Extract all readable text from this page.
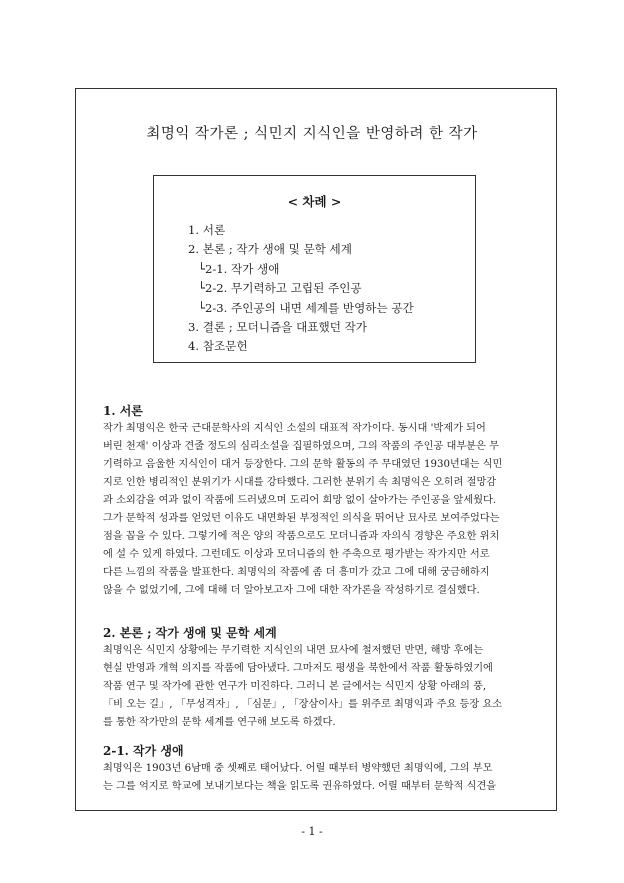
최명익 작가론 ; 식민지 지식인을 반영하려 한 작가

< 차례 >

1. 서론
2. 본론 ; 작가 생애 및 문학 세계
└2-1. 작가 생애
└2-2. 무기력하고 고립된 주인공
└2-3. 주인공의 내면 세계를 반영하는 공간
3. 결론 ; 모더니즘을 대표했던 작가
4. 참조문헌

1. 서론

작가 최명익은 한국 근대문학사의 지식인 소설의 대표적 작가이다. 동시대 '박제가 되어
버린 천재' 이상과 견줄 정도의 심리소설을 집필하였으며, 그의 작품의 주인공 대부분은 무
기력하고 음울한 지식인이 대거 등장한다. 그의 문학 활동의 주 무대였던 1930년대는 식민
지로 인한 병리적인 분위기가 시대를 강타했다. 그러한 분위기 속 최명익은 오히려 절망감
과 소외감을 여과 없이 작품에 드러냈으며 도리어 희망 없이 살아가는 주인공을 앞세웠다.
그가 문학적 성과를 얻었던 이유도 내면화된 부정적인 의식을 뛰어난 묘사로 보여주었다는
점을 꼽을 수 있다. 그렇기에 적은 양의 작품으로도 모더니즘과 자의식 경향은 주요한 위치
에 설 수 있게 하였다. 그런데도 이상과 모더니즘의 한 주축으로 평가받는 작가지만 서로
다른 느낌의 작품을 발표한다. 최명익의 작품에 좀 더 흥미가 갔고 그에 대해 궁금해하지
않을 수 없었기에, 그에 대해 더 알아보고자 그에 대한 작가론을 작성하기로 결심했다.

2. 본론 ; 작가 생애 및 문학 세계

최명익은 식민지 상황에는 무기력한 지식인의 내면 묘사에 철저했던 반면, 해방 후에는
현실 반영과 개혁 의지를 작품에 담아냈다. 그마저도 평생을 북한에서 작품 활동하였기에
작품 연구 및 작가에 관한 연구가 미진하다. 그러니 본 글에서는 식민지 상황 아래의 풍,
「비 오는 길」, 「무성격자」, 「심문」, 「장삼이사」를 위주로 최명익과 주요 등장 요소
를 통한 작가만의 문학 세계를 연구해 보도록 하겠다.

2-1. 작가 생애

최명익은 1903년 6남매 중 셋째로 태어났다. 어릴 때부터 병약했던 최명익에, 그의 부모
는 그를 억지로 학교에 보내기보다는 책을 읽도록 권유하였다. 어릴 때부터 문학적 식견을

- 1 -
